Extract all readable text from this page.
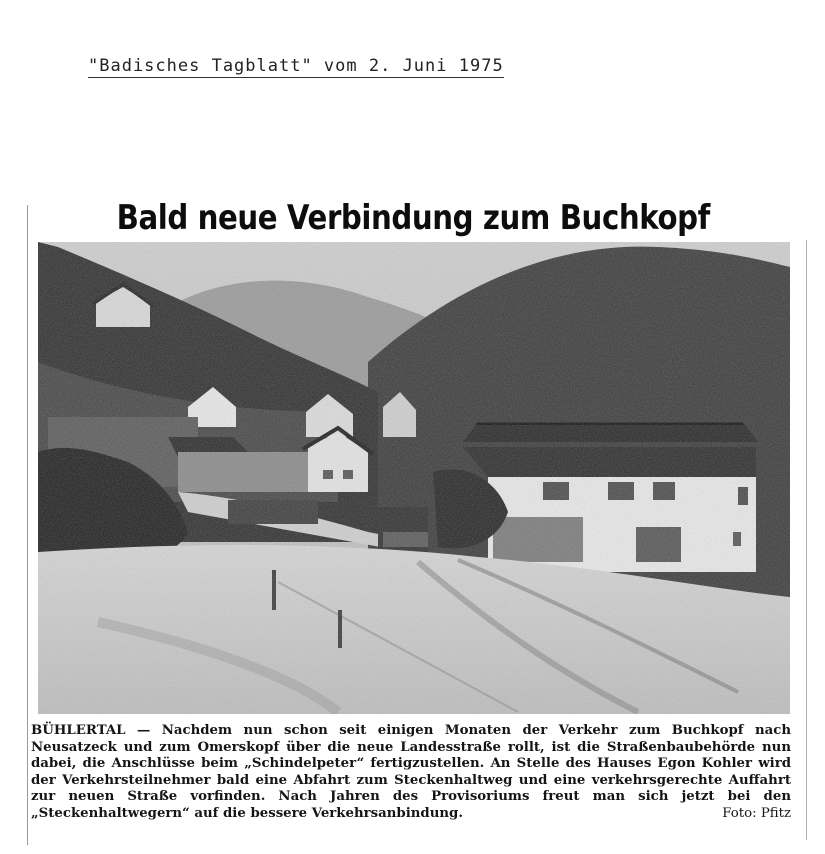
"Badisches Tagblatt" vom 2. Juni 1975
Bald neue Verbindung zum Buchkopf
BÜHLERTAL — Nachdem nun schon seit einigen Monaten der Verkehr zum Buchkopf nach Neusatzeck und zum Omerskopf über die neue Landesstraße rollt, ist die Straßenbaubehörde nun dabei, die Anschlüsse beim „Schindelpeter“ fertigzustellen. An Stelle des Hauses Egon Kohler wird der Verkehrsteilnehmer bald eine Abfahrt zum Steckenhaltweg und eine verkehrsgerechte Auffahrt zur neuen Straße vorfinden. Nach Jahren des Provisoriums freut man sich jetzt bei den „Steckenhaltwegern“ auf die bessere Verkehrsanbindung.	Foto: Pfitz
